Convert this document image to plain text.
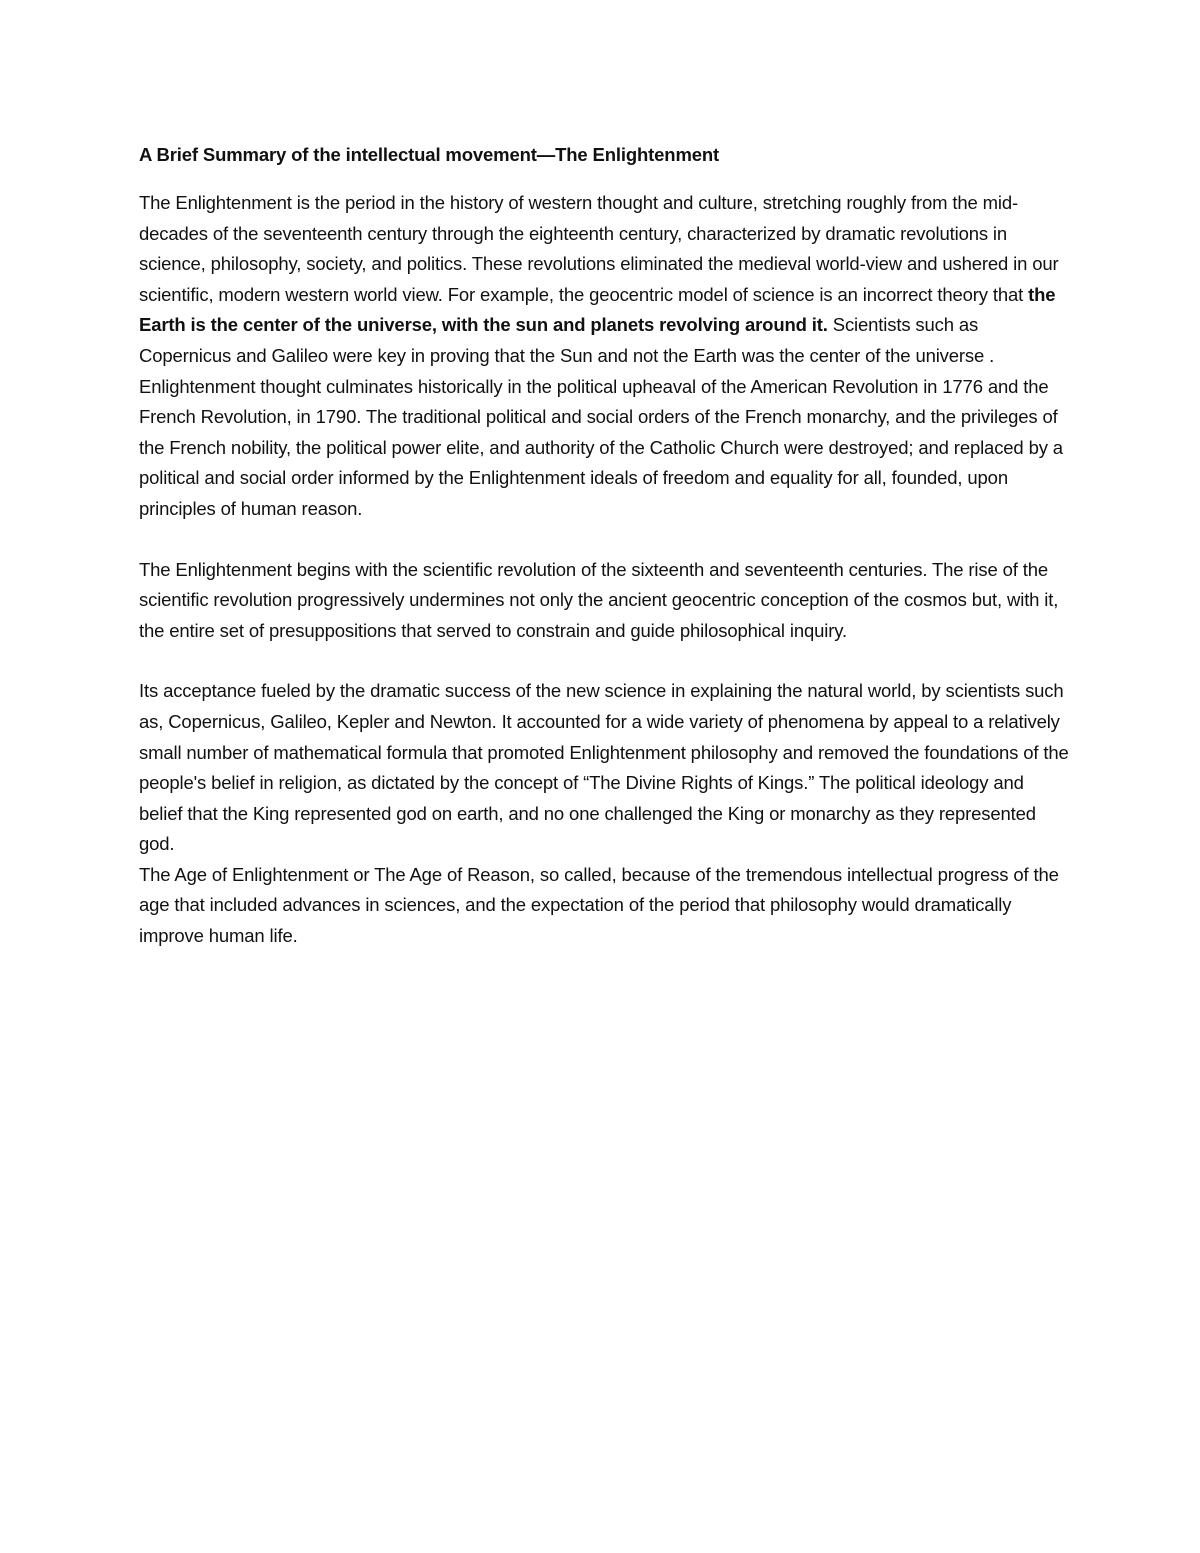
A Brief Summary of the intellectual movement—The Enlightenment

The Enlightenment is the period in the history of western thought and culture, stretching roughly from the mid-decades of the seventeenth century through the eighteenth century, characterized by dramatic revolutions in science, philosophy, society, and politics. These revolutions eliminated the medieval world-view and ushered in our scientific, modern western world view. For example, the geocentric model of science is an incorrect theory that the Earth is the center of the universe, with the sun and planets revolving around it. Scientists such as Copernicus and Galileo were key in proving that the Sun and not the Earth was the center of the universe . Enlightenment thought culminates historically in the political upheaval of the American Revolution in 1776 and the French Revolution, in 1790. The traditional political and social orders of the French monarchy, and the privileges of the French nobility, the political power elite, and authority of the Catholic Church were destroyed; and replaced by a political and social order informed by the Enlightenment ideals of freedom and equality for all, founded, upon principles of human reason.

The Enlightenment begins with the scientific revolution of the sixteenth and seventeenth centuries. The rise of the scientific revolution progressively undermines not only the ancient geocentric conception of the cosmos but, with it, the entire set of presuppositions that served to constrain and guide philosophical inquiry.

Its acceptance fueled by the dramatic success of the new science in explaining the natural world, by scientists such as, Copernicus, Galileo, Kepler and Newton. It accounted for a wide variety of phenomena by appeal to a relatively small number of mathematical formula that promoted Enlightenment philosophy and removed the foundations of the people's belief in religion, as dictated by the concept of “The Divine Rights of Kings.” The political ideology and belief that the King represented god on earth, and no one challenged the King or monarchy as they represented god.

The Age of Enlightenment or The Age of Reason, so called, because of the tremendous intellectual progress of the age that included advances in sciences, and the expectation of the period that philosophy would dramatically improve human life.
